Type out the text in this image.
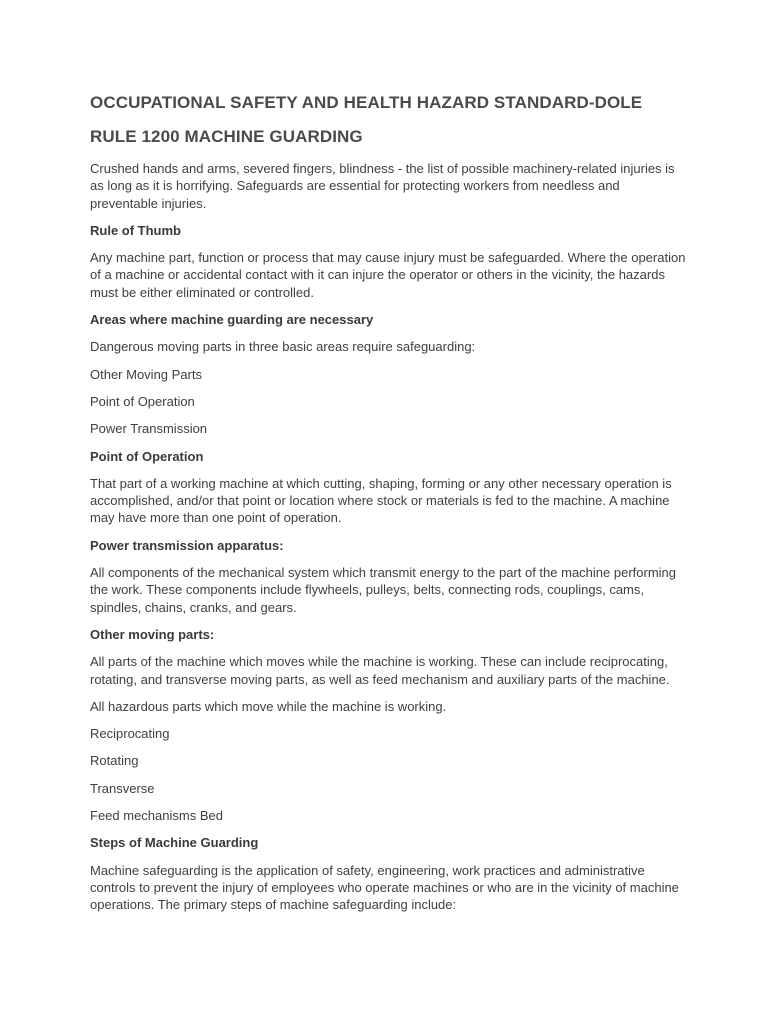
OCCUPATIONAL SAFETY AND HEALTH HAZARD STANDARD-DOLE
RULE 1200 MACHINE GUARDING

Crushed hands and arms, severed fingers, blindness - the list of possible machinery-related injuries is as long as it is horrifying. Safeguards are essential for protecting workers from needless and preventable injuries.

Rule of Thumb

Any machine part, function or process that may cause injury must be safeguarded. Where the operation of a machine or accidental contact with it can injure the operator or others in the vicinity, the hazards must be either eliminated or controlled.

Areas where machine guarding are necessary

Dangerous moving parts in three basic areas require safeguarding:

Other Moving Parts

Point of Operation

Power Transmission

Point of Operation

That part of a working machine at which cutting, shaping, forming or any other necessary operation is accomplished, and/or that point or location where stock or materials is fed to the machine. A machine may have more than one point of operation.

Power transmission apparatus:

All components of the mechanical system which transmit energy to the part of the machine performing the work. These components include flywheels, pulleys, belts, connecting rods, couplings, cams, spindles, chains, cranks, and gears.

Other moving parts:

All parts of the machine which moves while the machine is working. These can include reciprocating, rotating, and transverse moving parts, as well as feed mechanism and auxiliary parts of the machine.

All hazardous parts which move while the machine is working.

Reciprocating

Rotating

Transverse

Feed mechanisms Bed

Steps of Machine Guarding

Machine safeguarding is the application of safety, engineering, work practices and administrative controls to prevent the injury of employees who operate machines or who are in the vicinity of machine operations. The primary steps of machine safeguarding include:
